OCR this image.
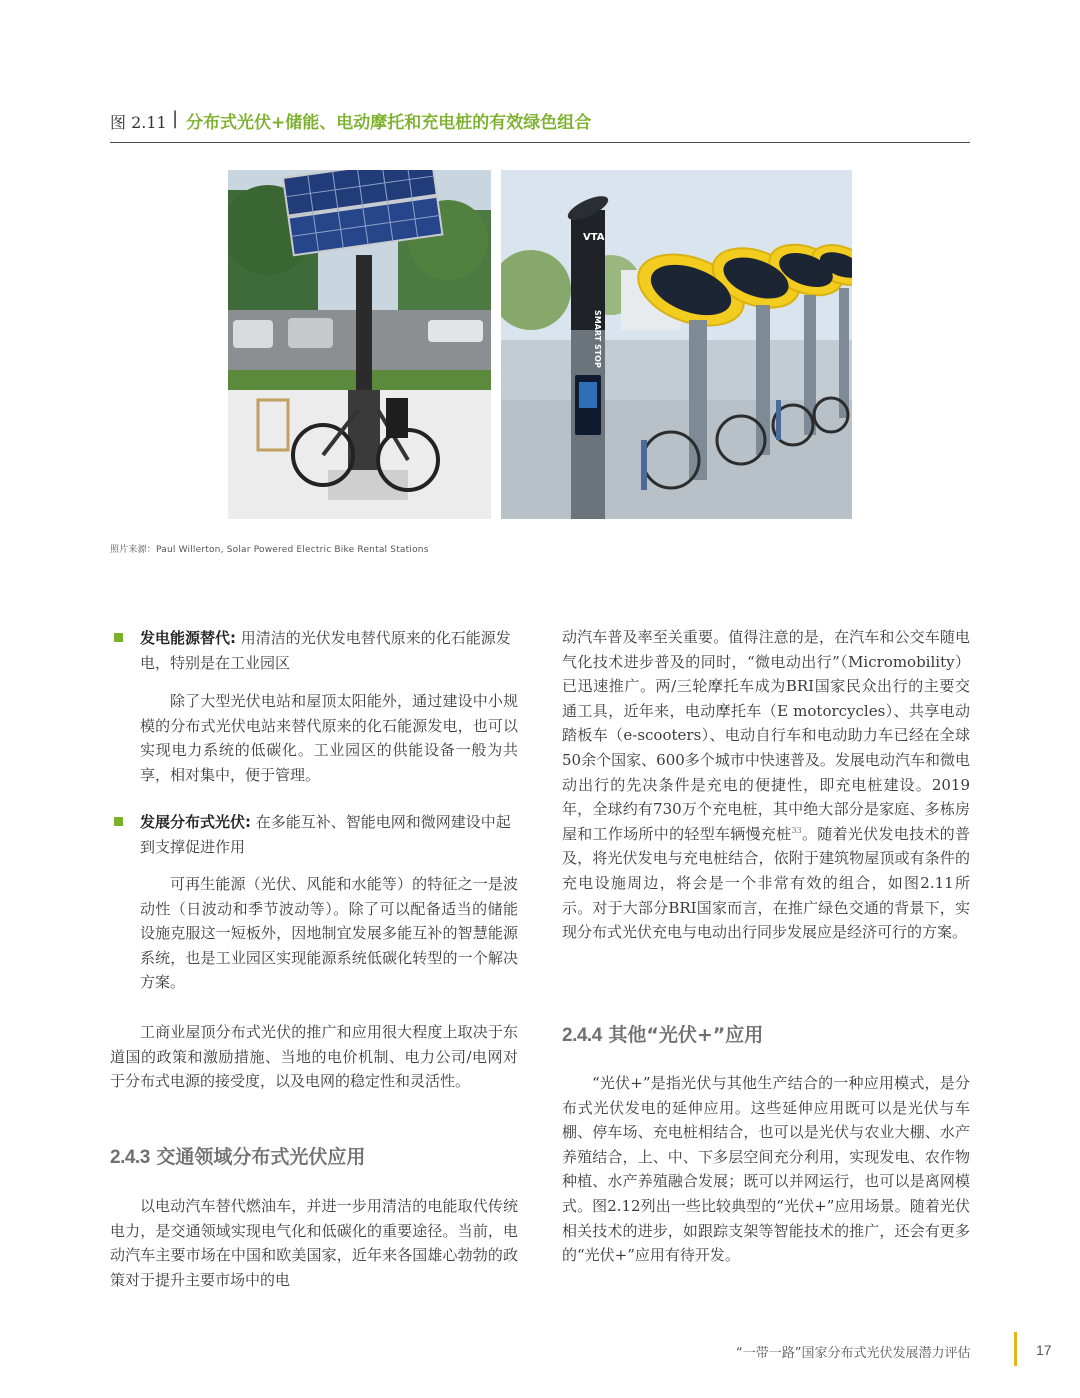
图 2.11 | 分布式光伏+储能、电动摩托和充电桩的有效绿色组合
VTA
SMART STOP
照片来源：Paul Willerton, Solar Powered Electric Bike Rental Stations
发电能源替代: 用清洁的光伏发电替代原来的化石能源发电，特别是在工业园区
除了大型光伏电站和屋顶太阳能外，通过建设中小规模的分布式光伏电站来替代原来的化石能源发电，也可以实现电力系统的低碳化。工业园区的供能设备一般为共享，相对集中，便于管理。
发展分布式光伏: 在多能互补、智能电网和微网建设中起到支撑促进作用
可再生能源（光伏、风能和水能等）的特征之一是波动性（日波动和季节波动等）。除了可以配备适当的储能设施克服这一短板外，因地制宜发展多能互补的智慧能源系统，也是工业园区实现能源系统低碳化转型的一个解决方案。
工商业屋顶分布式光伏的推广和应用很大程度上取决于东道国的政策和激励措施、当地的电价机制、电力公司/电网对于分布式电源的接受度，以及电网的稳定性和灵活性。
2.4.3 交通领域分布式光伏应用
以电动汽车替代燃油车，并进一步用清洁的电能取代传统电力，是交通领域实现电气化和低碳化的重要途径。当前，电动汽车主要市场在中国和欧美国家，近年来各国雄心勃勃的政策对于提升主要市场中的电
动汽车普及率至关重要。值得注意的是，在汽车和公交车随电气化技术进步普及的同时，“微电动出行”（Micromobility）已迅速推广。两/三轮摩托车成为BRI国家民众出行的主要交通工具，近年来，电动摩托车（E motorcycles）、共享电动踏板车（e-scooters）、电动自行车和电动助力车已经在全球50余个国家、600多个城市中快速普及。发展电动汽车和微电动出行的先决条件是充电的便捷性，即充电桩建设。2019年，全球约有730万个充电桩，其中绝大部分是家庭、多栋房屋和工作场所中的轻型车辆慢充桩$^{33}$。随着光伏发电技术的普及，将光伏发电与充电桩结合，依附于建筑物屋顶或有条件的充电设施周边，将会是一个非常有效的组合，如图2.11所示。对于大部分BRI国家而言，在推广绿色交通的背景下，实现分布式光伏充电与电动出行同步发展应是经济可行的方案。
2.4.4 其他“光伏+”应用
“光伏+”是指光伏与其他生产结合的一种应用模式，是分布式光伏发电的延伸应用。这些延伸应用既可以是光伏与车棚、停车场、充电桩相结合，也可以是光伏与农业大棚、水产养殖结合，上、中、下多层空间充分利用，实现发电、农作物种植、水产养殖融合发展；既可以并网运行，也可以是离网模式。图2.12列出一些比较典型的“光伏+”应用场景。随着光伏相关技术的进步，如跟踪支架等智能技术的推广，还会有更多的“光伏+”应用有待开发。
“一带一路”国家分布式光伏发展潜力评估	17
